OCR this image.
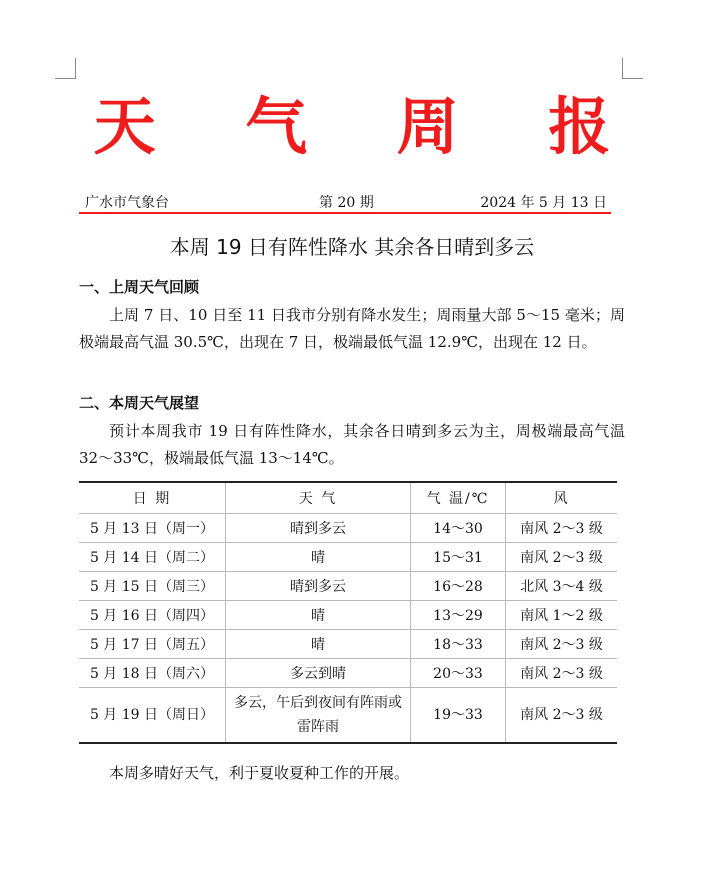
天 气 周 报
广水市气象台	第 20 期	2024 年 5 月 13 日
本周 19 日有阵性降水 其余各日晴到多云
一、上周天气回顾
上周 7 日、10 日至 11 日我市分别有降水发生；周雨量大部 5～15 毫米；周极端最高气温 30.5℃，出现在 7 日，极端最低气温 12.9℃，出现在 12 日。
二、本周天气展望
预计本周我市 19 日有阵性降水，其余各日晴到多云为主，周极端最高气温 32～33℃，极端最低气温 13～14℃。
日 期	天 气	气 温/℃	风
5 月 13 日（周一）	晴到多云	14～30	南风 2～3 级
5 月 14 日（周二）	晴	15～31	南风 2～3 级
5 月 15 日（周三）	晴到多云	16～28	北风 3～4 级
5 月 16 日（周四）	晴	13～29	南风 1～2 级
5 月 17 日（周五）	晴	18～33	南风 2～3 级
5 月 18 日（周六）	多云到晴	20～33	南风 2～3 级
5 月 19 日（周日）	多云，午后到夜间有阵雨或雷阵雨	19～33	南风 2～3 级
本周多晴好天气，利于夏收夏种工作的开展。
